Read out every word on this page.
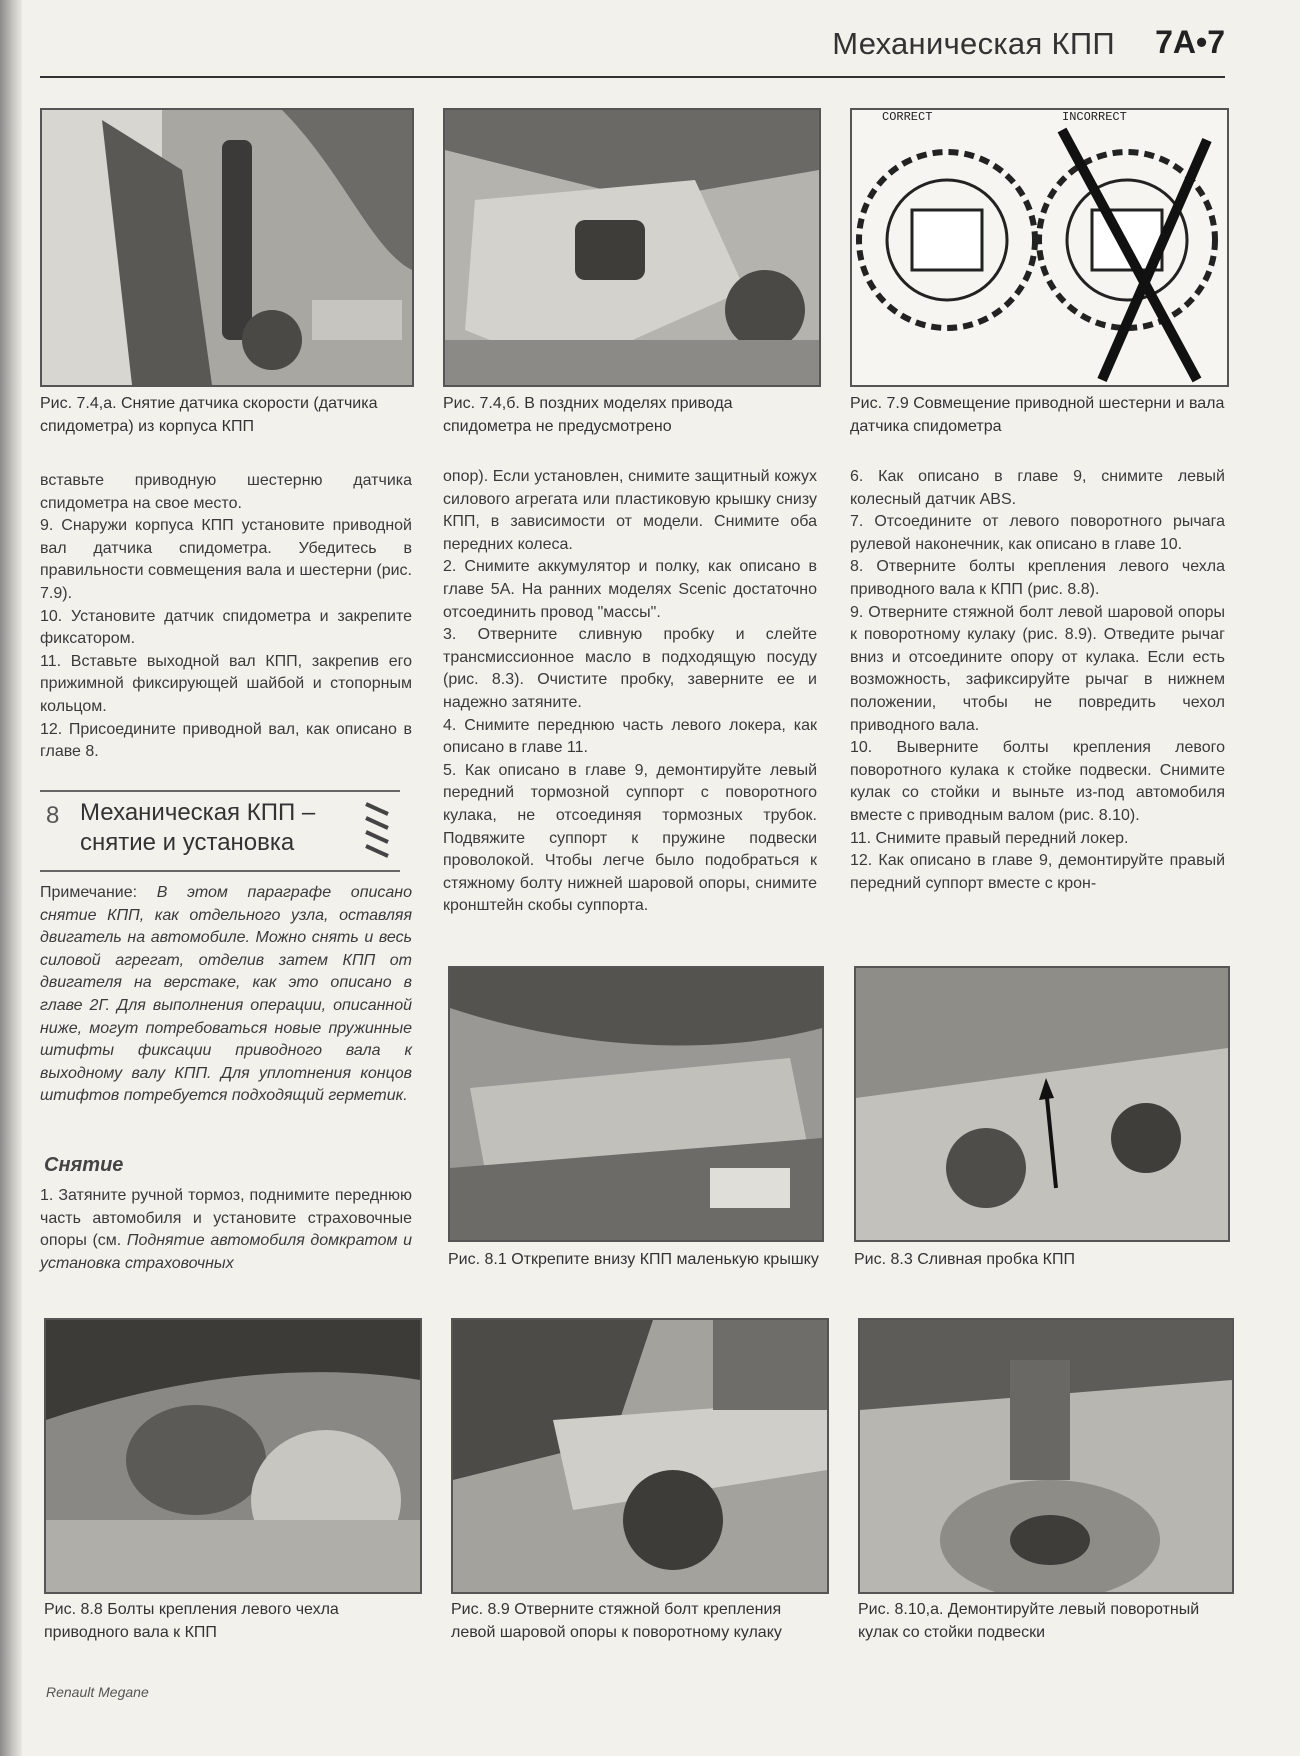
Механическая КПП 7A•7
CORRECT	INCORRECT
Рис. 7.4,а. Снятие датчика скорости (датчика спидометра) из корпуса КПП
Рис. 7.4,б. В поздних моделях привода спидометра не предусмотрено
Рис. 7.9 Совмещение приводной шестерни и вала датчика спидометра

вставьте приводную шестерню датчика спидометра на свое место.

9. Снаружи корпуса КПП установите приводной вал датчика спидометра. Убедитесь в правильности совмещения вала и шестерни (рис. 7.9).

10. Установите датчик спидометра и закрепите фиксатором.

11. Вставьте выходной вал КПП, закрепив его прижимной фиксирующей шайбой и стопорным кольцом.

12. Присоедините приводной вал, как описано в главе 8.

8 Механическая КПП –
снятие и установка

Примечание: В этом параграфе описано снятие КПП, как отдельного узла, оставляя двигатель на автомобиле. Можно снять и весь силовой агрегат, отделив затем КПП от двигателя на верстаке, как это описано в главе 2Г. Для выполнения операции, описанной ниже, могут потребоваться новые пружинные штифты фиксации приводного вала к выходному валу КПП. Для уплотнения концов штифтов потребуется подходящий герметик.

Снятие

1. Затяните ручной тормоз, поднимите переднюю часть автомобиля и установите страховочные опоры (см. Поднятие автомобиля домкратом и установка страховочных

опор). Если установлен, снимите защитный кожух силового агрегата или пластиковую крышку снизу КПП, в зависимости от модели. Снимите оба передних колеса.

2. Снимите аккумулятор и полку, как описано в главе 5А. На ранних моделях Scenic достаточно отсоединить провод "массы".

3. Отверните сливную пробку и слейте трансмиссионное масло в подходящую посуду (рис. 8.3). Очистите пробку, заверните ее и надежно затяните.

4. Снимите переднюю часть левого локера, как описано в главе 11.

5. Как описано в главе 9, демонтируйте левый передний тормозной суппорт с поворотного кулака, не отсоединяя тормозных трубок. Подвяжите суппорт к пружине подвески проволокой. Чтобы легче было подобраться к стяжному болту нижней шаровой опоры, снимите кронштейн скобы суппорта.

6. Как описано в главе 9, снимите левый колесный датчик ABS.

7. Отсоедините от левого поворотного рычага рулевой наконечник, как описано в главе 10.

8. Отверните болты крепления левого чехла приводного вала к КПП (рис. 8.8).

9. Отверните стяжной болт левой шаровой опоры к поворотному кулаку (рис. 8.9). Отведите рычаг вниз и отсоедините опору от кулака. Если есть возможность, зафиксируйте рычаг в нижнем положении, чтобы не повредить чехол приводного вала.

10. Выверните болты крепления левого поворотного кулака к стойке подвески. Снимите кулак со стойки и выньте из-под автомобиля вместе с приводным валом (рис. 8.10).

11. Снимите правый передний локер.

12. Как описано в главе 9, демонтируйте правый передний суппорт вместе с крон-

Рис. 8.1 Открепите внизу КПП маленькую крышку Рис. 8.3 Сливная пробка КПП
Рис. 8.8 Болты крепления левого чехла приводного вала к КПП
Рис. 8.9 Отверните стяжной болт крепления левой шаровой опоры к поворотному кулаку
Рис. 8.10,а. Демонтируйте левый поворотный кулак со стойки подвески
Renault Megane
